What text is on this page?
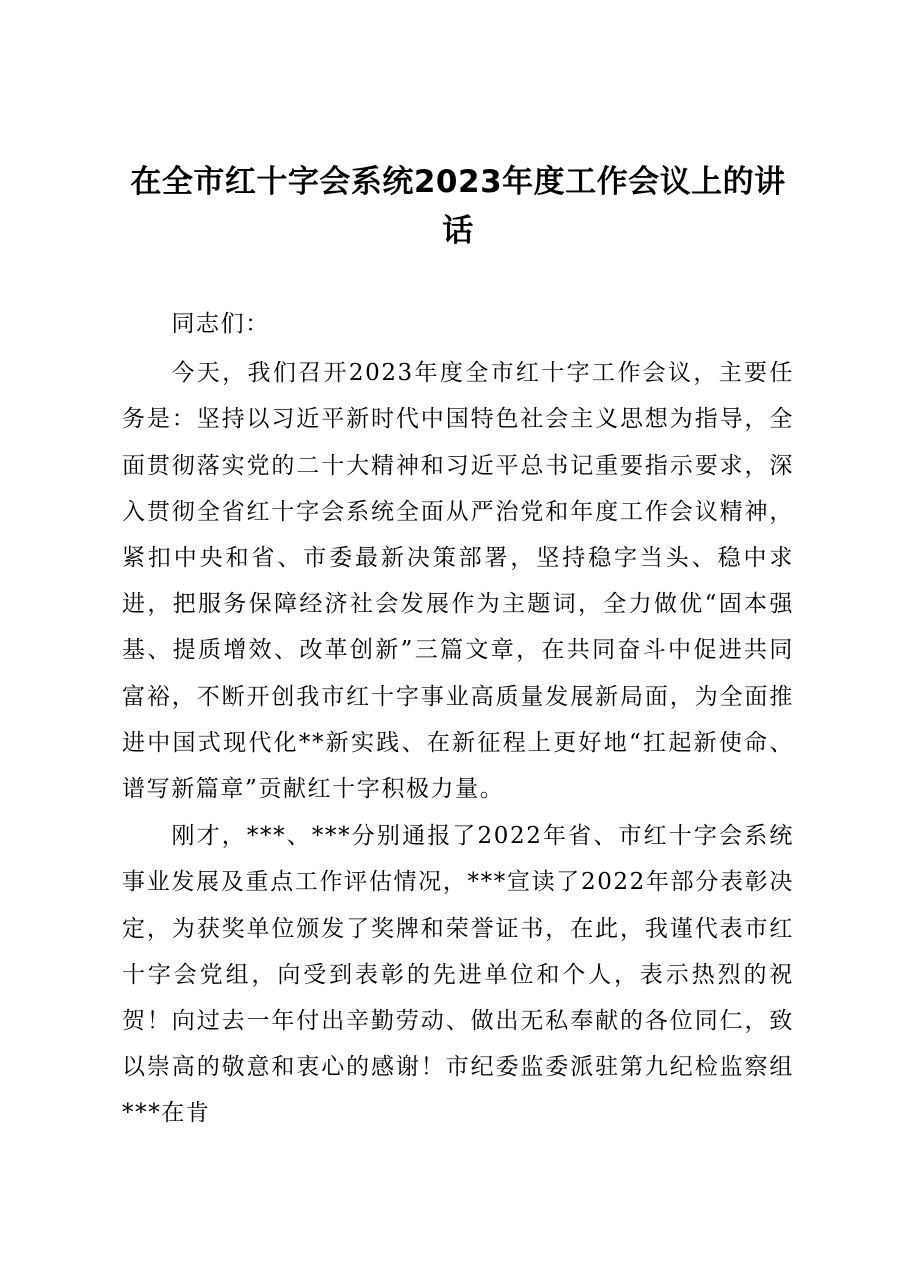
在全市红十字会系统2023年度工作会议上的讲话

同志们：

今天，我们召开2023年度全市红十字工作会议，主要任务是：坚持以习近平新时代中国特色社会主义思想为指导，全面贯彻落实党的二十大精神和习近平总书记重要指示要求，深入贯彻全省红十字会系统全面从严治党和年度工作会议精神，紧扣中央和省、市委最新决策部署，坚持稳字当头、稳中求进，把服务保障经济社会发展作为主题词，全力做优“固本强基、提质增效、改革创新”三篇文章，在共同奋斗中促进共同富裕，不断开创我市红十字事业高质量发展新局面，为全面推进中国式现代化**新实践、在新征程上更好地“扛起新使命、谱写新篇章”贡献红十字积极力量。

刚才，***、***分别通报了2022年省、市红十字会系统事业发展及重点工作评估情况，***宣读了2022年部分表彰决定，为获奖单位颁发了奖牌和荣誉证书，在此，我谨代表市红十字会党组，向受到表彰的先进单位和个人，表示热烈的祝贺！向过去一年付出辛勤劳动、做出无私奉献的各位同仁，致以崇高的敬意和衷心的感谢！市纪委监委派驻第九纪检监察组***在肯
